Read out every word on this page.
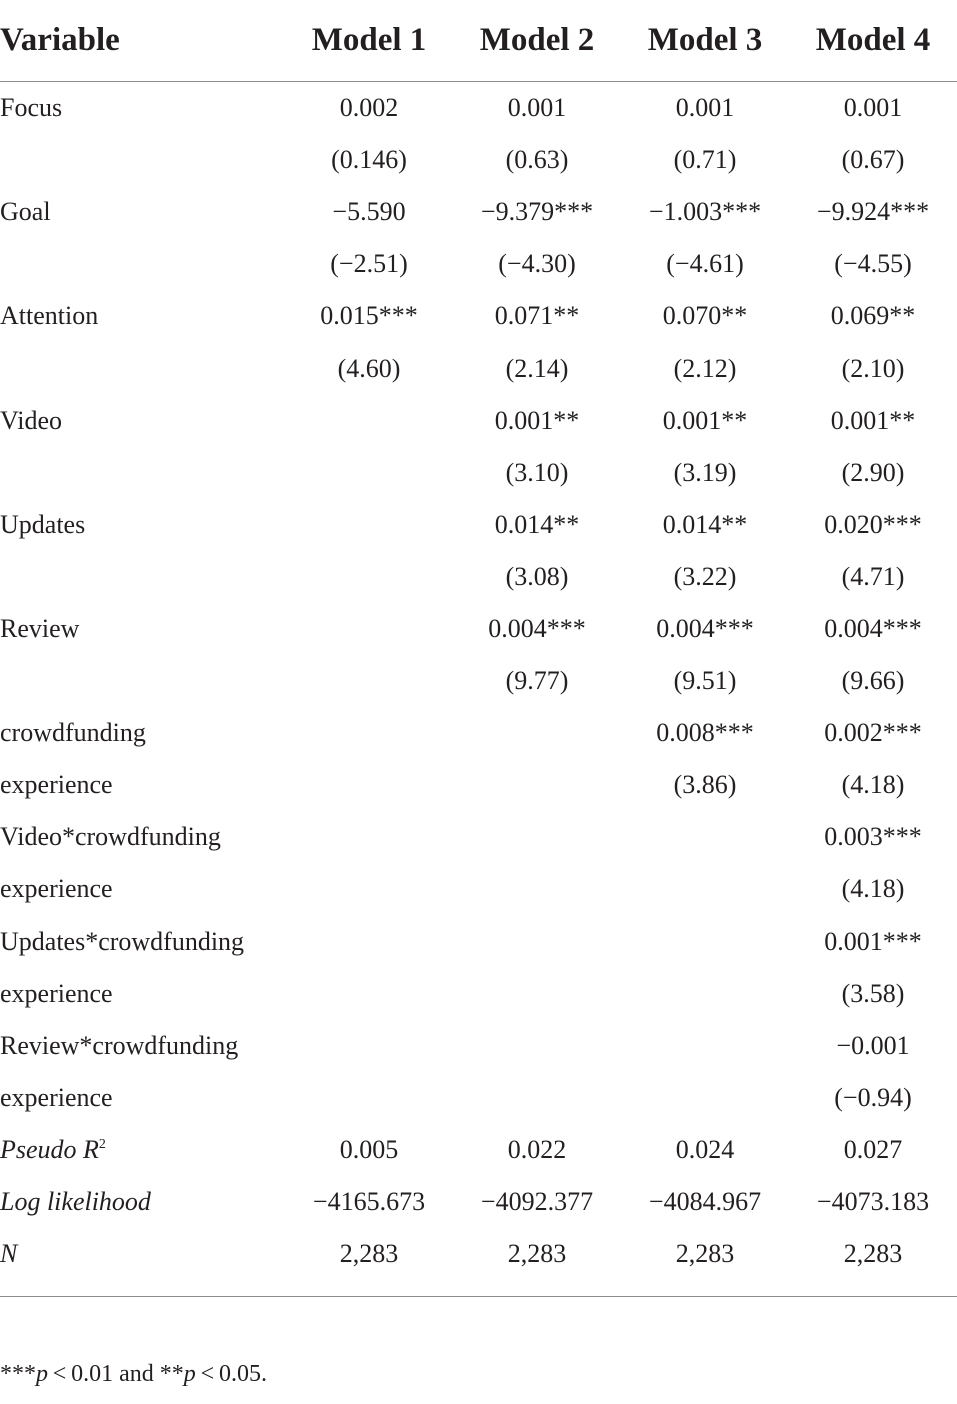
Variable	Model 1	Model 2	Model 3	Model 4
Focus	0.002	0.001	0.001	0.001
	(0.146)	(0.63)	(0.71)	(0.67)
Goal	−5.590	−9.379***	−1.003***	−9.924***
	(−2.51)	(−4.30)	(−4.61)	(−4.55)
Attention	0.015***	0.071**	0.070**	0.069**
	(4.60)	(2.14)	(2.12)	(2.10)
Video		0.001**	0.001**	0.001**
		(3.10)	(3.19)	(2.90)
Updates		0.014**	0.014**	0.020***
		(3.08)	(3.22)	(4.71)
Review		0.004***	0.004***	0.004***
		(9.77)	(9.51)	(9.66)
crowdfunding			0.008***	0.002***
experience			(3.86)	(4.18)
Video*crowdfunding				0.003***
experience				(4.18)
Updates*crowdfunding				0.001***
experience				(3.58)
Review*crowdfunding				−0.001
experience				(−0.94)
Pseudo $R^2$	0.005	0.022	0.024	0.027
Log likelihood	−4165.673	−4092.377	−4084.967	−4073.183
N	2,283	2,283	2,283	2,283
***p < 0.01 and **p < 0.05.
